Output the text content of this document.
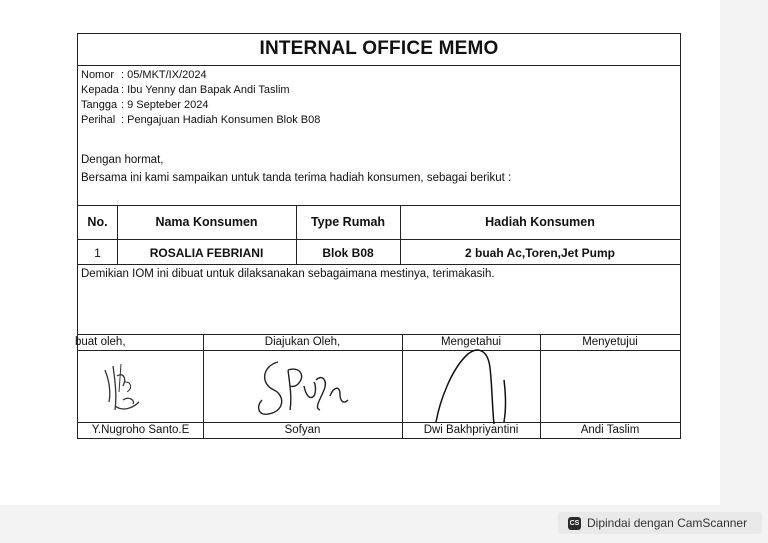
INTERNAL OFFICE MEMO
Nomor : 05/MKT/IX/2024
Kepada : Ibu Yenny dan Bapak Andi Taslim
Tangga : 9 Septeber 2024
Perihal : Pengajuan Hadiah Konsumen Blok B08
Dengan hormat,
Bersama ini kami sampaikan untuk tanda terima hadiah konsumen, sebagai berikut :
No.	Nama Konsumen	Type Rumah	Hadiah Konsumen
1	ROSALIA FEBRIANI	Blok B08	2 buah Ac,Toren,Jet Pump
Demikian IOM ini dibuat untuk dilaksanakan sebagaimana mestinya, terimakasih.
buat oleh,	Diajukan Oleh,	Mengetahui	Menyetujui
Y.Nugroho Santo.E	Sofyan	Dwi Bakhpriyantini	Andi Taslim
CS Dipindai dengan CamScanner
